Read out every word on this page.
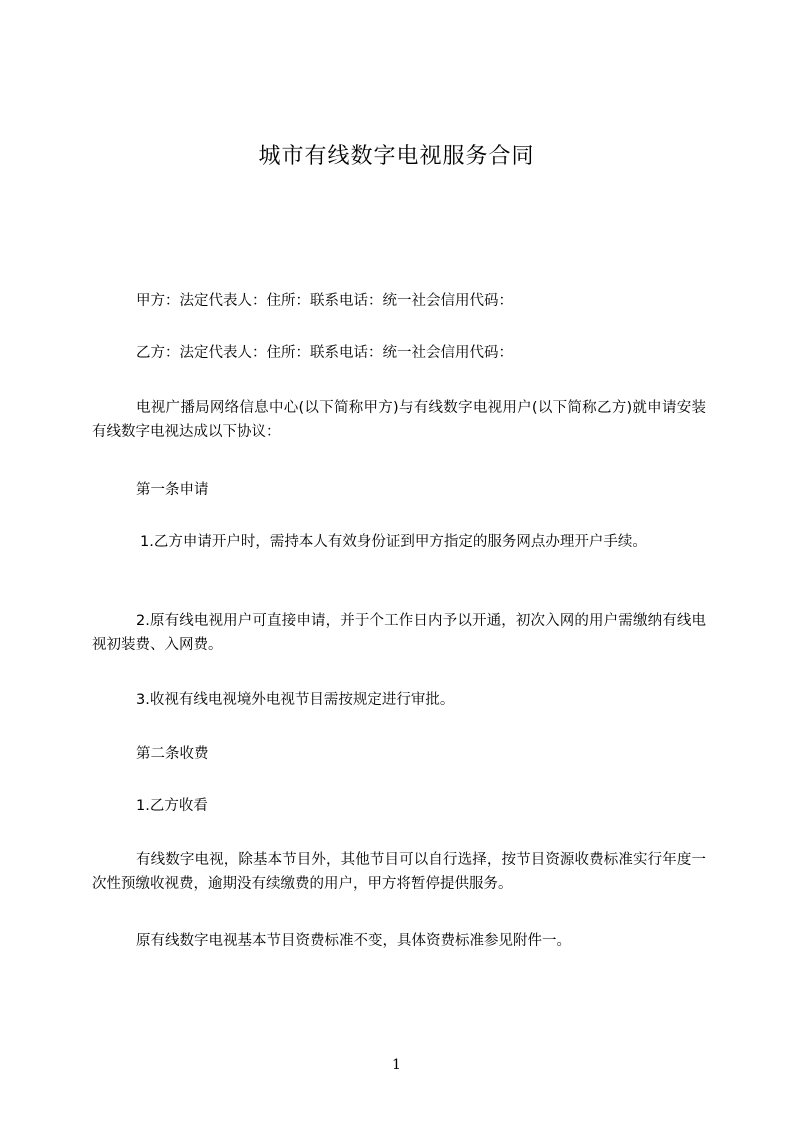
城市有线数字电视服务合同

甲方：法定代表人：住所：联系电话：统一社会信用代码：

乙方：法定代表人：住所：联系电话：统一社会信用代码：

电视广播局网络信息中心(以下简称甲方)与有线数字电视用户(以下简称乙方)就申请安装有线数字电视达成以下协议：

第一条申请

1.乙方申请开户时，需持本人有效身份证到甲方指定的服务网点办理开户手续。

2.原有线电视用户可直接申请，并于个工作日内予以开通，初次入网的用户需缴纳有线电视初装费、入网费。

3.收视有线电视境外电视节目需按规定进行审批。

第二条收费

1.乙方收看

有线数字电视，除基本节目外，其他节目可以自行选择，按节目资源收费标准实行年度一次性预缴收视费，逾期没有续缴费的用户，甲方将暂停提供服务。

原有线数字电视基本节目资费标准不变，具体资费标准参见附件一。

1
